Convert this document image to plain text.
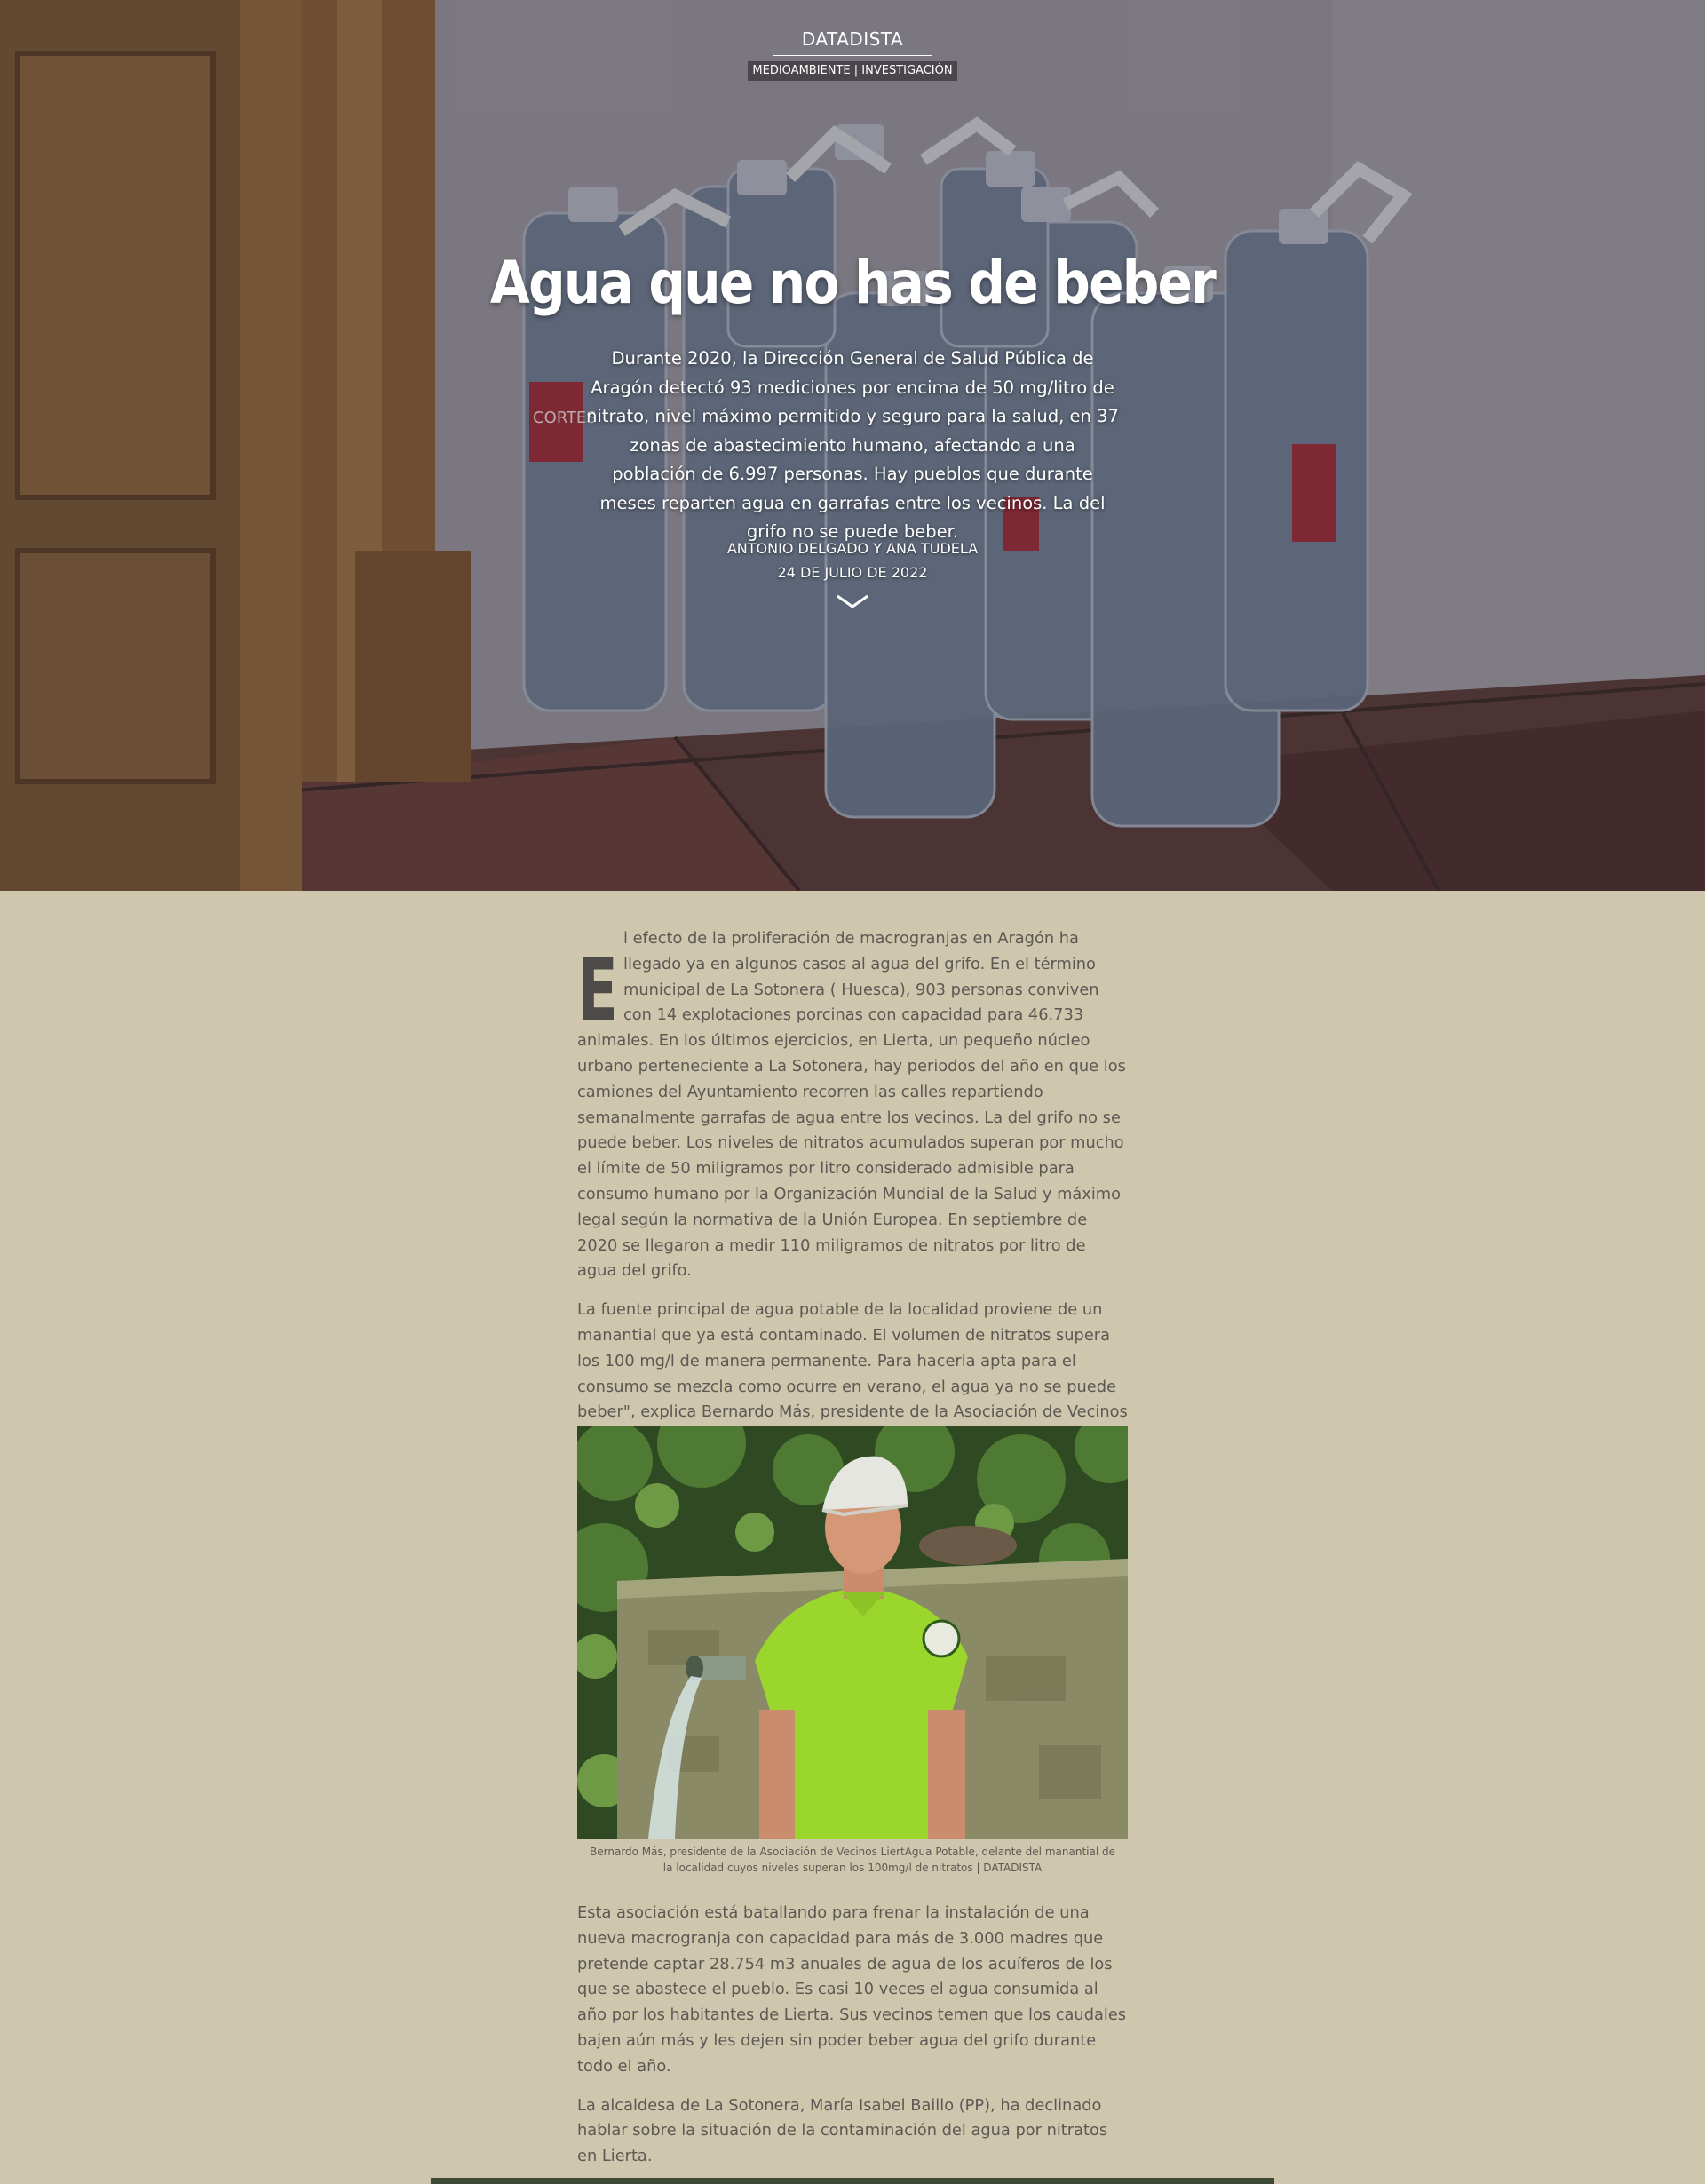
CORTES
DATADISTA
MEDIOAMBIENTE | INVESTIGACIÓN
Agua que no has de beber

Durante 2020, la Dirección General de Salud Pública de Aragón detectó 93 mediciones por encima de 50 mg/litro de nitrato, nivel máximo permitido y seguro para la salud, en 37 zonas de abastecimiento humano, afectando a una población de 6.997 personas. Hay pueblos que durante meses reparten agua en garrafas entre los vecinos. La del grifo no se puede beber.

ANTONIO DELGADO Y ANA TUDELA
24 DE JULIO DE 2022

E
l efecto de la proliferación de macrogranjas en Aragón ha llegado ya en algunos casos al agua del grifo. En el término municipal de La Sotonera ( Huesca), 903 personas conviven con 14 explotaciones porcinas con capacidad para 46.733 animales. En los últimos ejercicios, en Lierta, un pequeño núcleo urbano perteneciente a La Sotonera, hay periodos del año en que los camiones del Ayuntamiento recorren las calles repartiendo semanalmente garrafas de agua entre los vecinos. La del grifo no se puede beber. Los niveles de nitratos acumulados superan por mucho el límite de 50 miligramos por litro considerado admisible para consumo humano por la Organización Mundial de la Salud y máximo legal según la normativa de la Unión Europea. En septiembre de 2020 se llegaron a medir 110 miligramos de nitratos por litro de agua del grifo.

La fuente principal de agua potable de la localidad proviene de un manantial que ya está contaminado. El volumen de nitratos supera los 100 mg/l de manera permanente. Para hacerla apta para el consumo se mezcla como ocurre en verano, el agua ya no se puede beber", explica Bernardo Más, presidente de la Asociación de Vecinos

Bernardo Más, presidente de la Asociación de Vecinos LiertAgua Potable, delante del manantial de la localidad cuyos niveles superan los 100mg/l de nitratos | DATADISTA

Esta asociación está batallando para frenar la instalación de una nueva macrogranja con capacidad para más de 3.000 madres que pretende captar 28.754 m3 anuales de agua de los acuíferos de los que se abastece el pueblo. Es casi 10 veces el agua consumida al año por los habitantes de Lierta. Sus vecinos temen que los caudales bajen aún más y les dejen sin poder beber agua del grifo durante todo el año.

La alcaldesa de La Sotonera, María Isabel Baillo (PP), ha declinado hablar sobre la situación de la contaminación del agua por nitratos en Lierta.
